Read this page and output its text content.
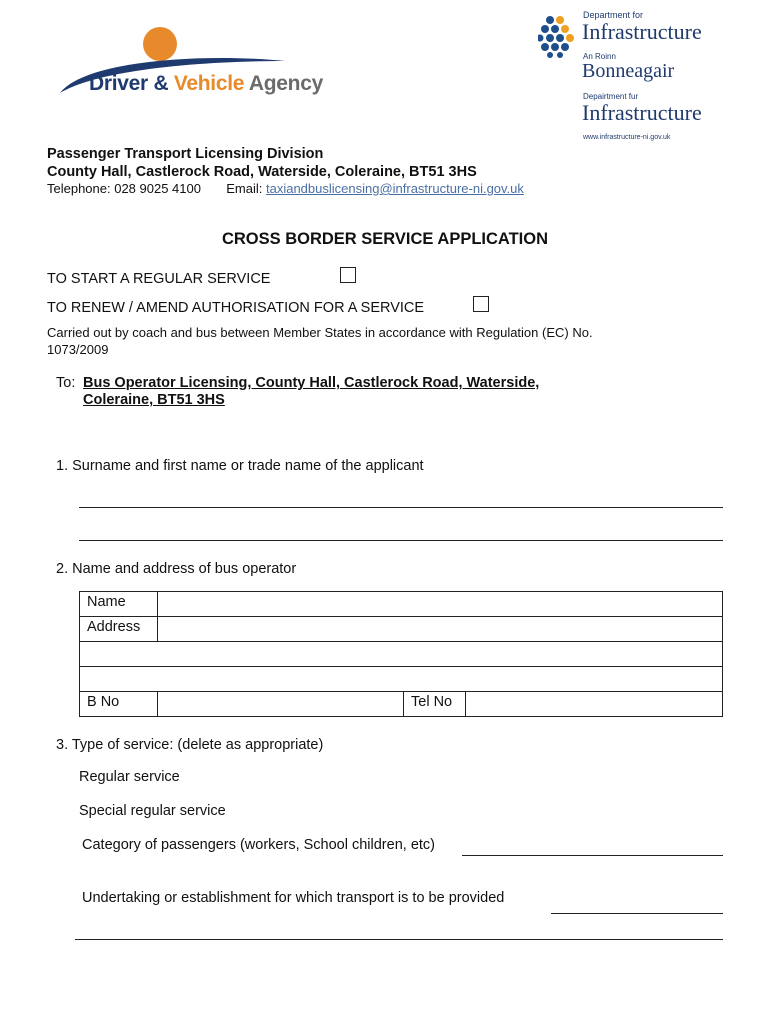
Driver & Vehicle Agency
Department for
Infrastructure
An Roinn
Bonneagair
Depairtment fur
Infrastructure
www.infrastructure-ni.gov.uk
Passenger Transport Licensing Division
County Hall, Castlerock Road, Waterside, Coleraine, BT51 3HS
Telephone: 028 9025 4100 Email: taxiandbuslicensing@infrastructure-ni.gov.uk
CROSS BORDER SERVICE APPLICATION
TO START A REGULAR SERVICE
TO RENEW / AMEND AUTHORISATION FOR A SERVICE
Carried out by coach and bus between Member States in accordance with Regulation (EC) No.
1073/2009
To: Bus Operator Licensing, County Hall, Castlerock Road, Waterside,
Coleraine, BT51 3HS
1. Surname and first name or trade name of the applicant
2. Name and address of bus operator
Name			
Address			

B No		Tel No	
3. Type of service: (delete as appropriate)
Regular service
Special regular service
Category of passengers (workers, School children, etc)
Undertaking or establishment for which transport is to be provided
